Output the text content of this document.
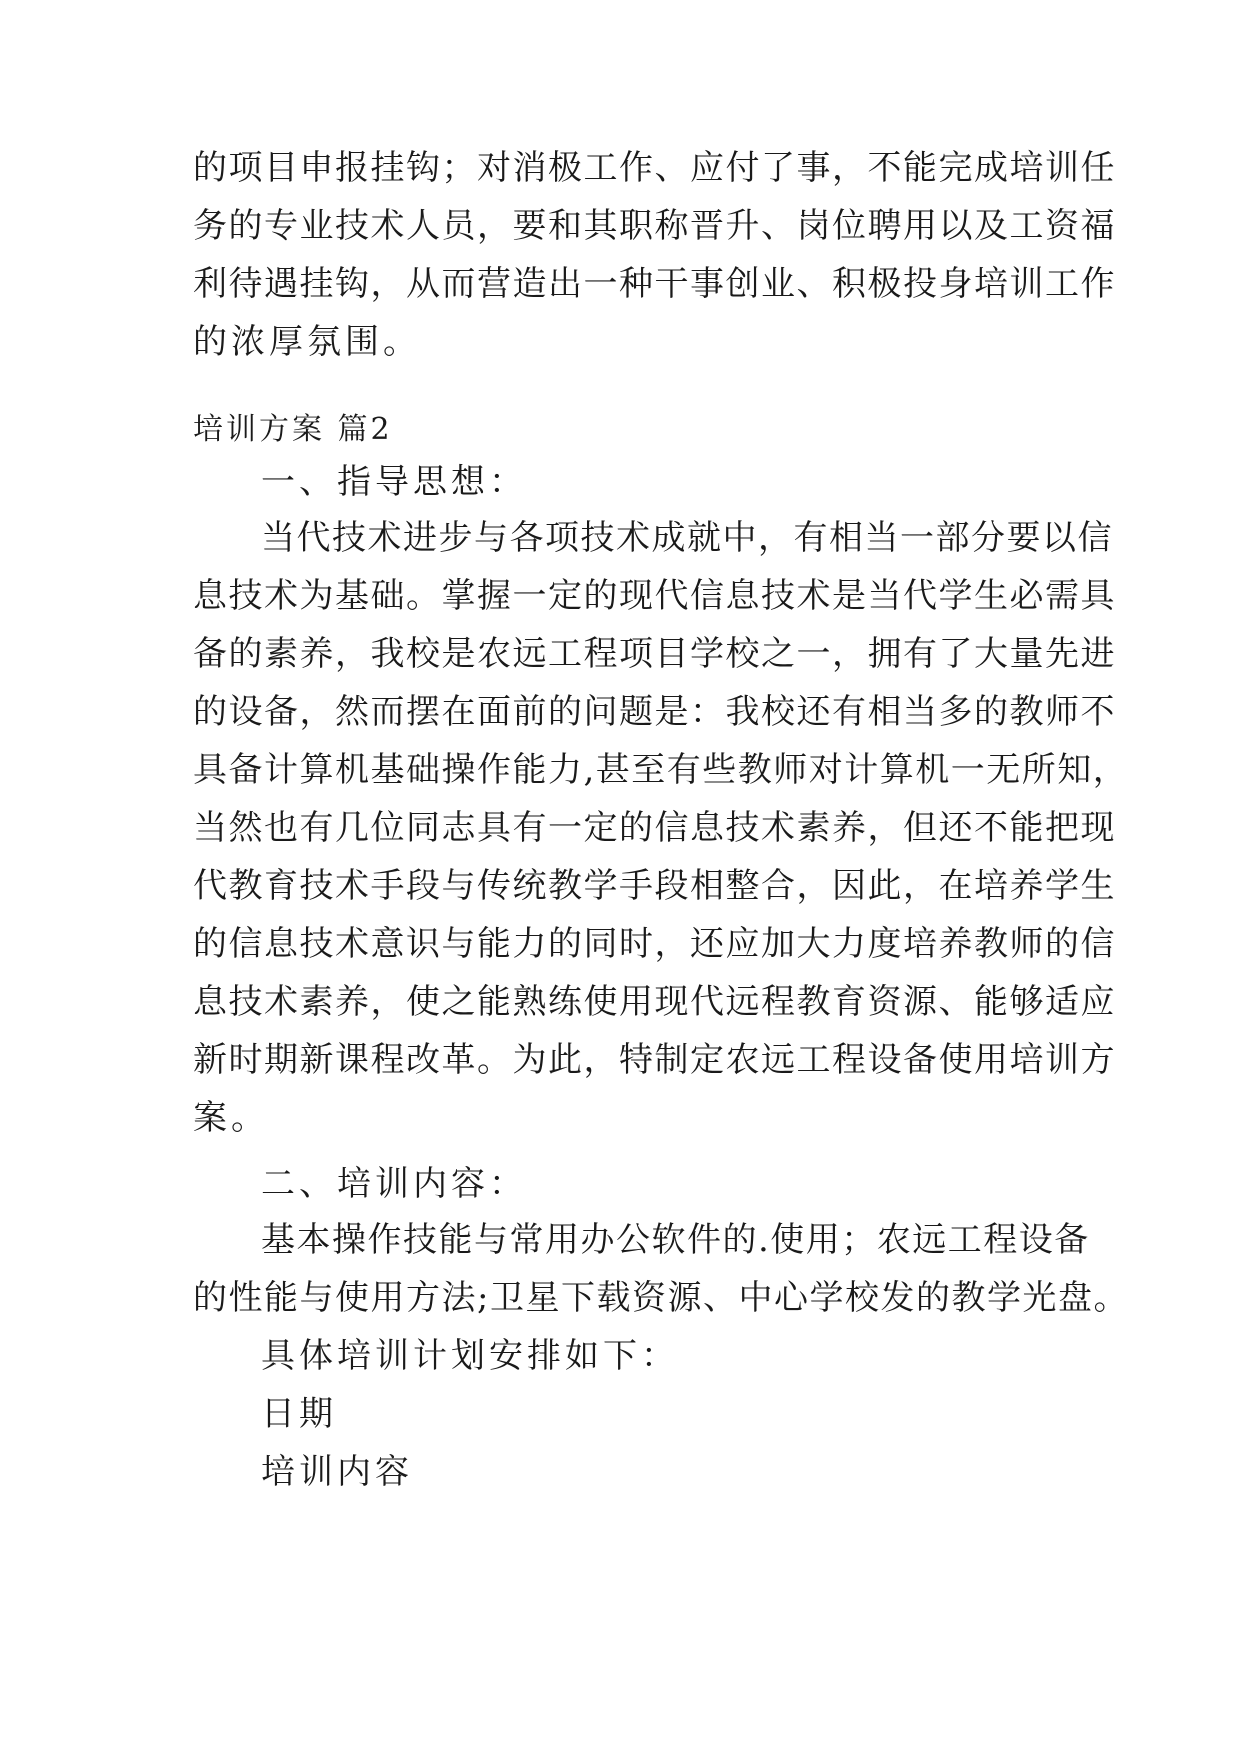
的项目申报挂钩；对消极工作、应付了事，不能完成培训任
务的专业技术人员，要和其职称晋升、岗位聘用以及工资福
利待遇挂钩，从而营造出一种干事创业、积极投身培训工作
的浓厚氛围。
培训方案 篇2
一、指导思想：
当代技术进步与各项技术成就中，有相当一部分要以信
息技术为基础。掌握一定的现代信息技术是当代学生必需具
备的素养，我校是农远工程项目学校之一，拥有了大量先进
的设备，然而摆在面前的问题是：我校还有相当多的教师不
具备计算机基础操作能力,甚至有些教师对计算机一无所知，
当然也有几位同志具有一定的信息技术素养，但还不能把现
代教育技术手段与传统教学手段相整合，因此，在培养学生
的信息技术意识与能力的同时，还应加大力度培养教师的信
息技术素养，使之能熟练使用现代远程教育资源、能够适应
新时期新课程改革。为此，特制定农远工程设备使用培训方
案。
二、培训内容：
基本操作技能与常用办公软件的.使用；农远工程设备
的性能与使用方法;卫星下载资源、中心学校发的教学光盘。
具体培训计划安排如下：
日期
培训内容
